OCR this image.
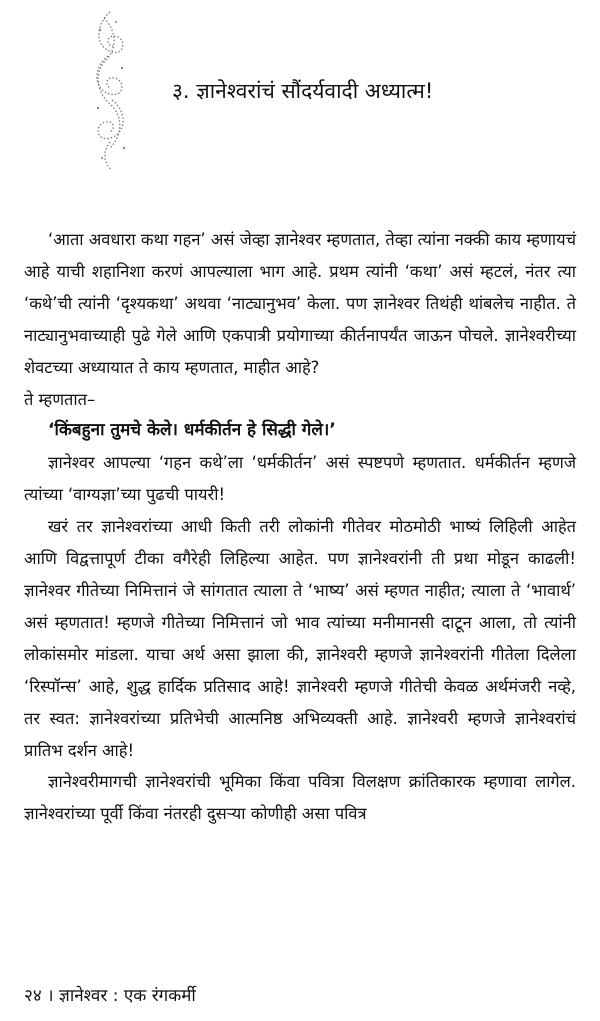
३. ज्ञानेश्वरांचं सौंदर्यवादी अध्यात्म!

‘आता अवधारा कथा गहन’ असं जेव्हा ज्ञानेश्वर म्हणतात, तेव्हा त्यांना नक्की काय म्हणायचं आहे याची शहानिशा करणं आपल्याला भाग आहे. प्रथम त्यांनी ‘कथा’ असं म्हटलं, नंतर त्या ‘कथे’ची त्यांनी ‘दृश्यकथा’ अथवा ‘नाट्यानुभव’ केला. पण ज्ञानेश्वर तिथंही थांबलेच नाहीत. ते नाट्यानुभवाच्याही पुढे गेले आणि एकपात्री प्रयोगाच्या कीर्तनापर्यंत जाऊन पोचले. ज्ञानेश्वरीच्या शेवटच्या अध्यायात ते काय म्हणतात, माहीत आहे?

ते म्हणतात–

‘किंबहुना तुमचे केले। धर्मकीर्तन हे सिद्धी गेले।’

ज्ञानेश्वर आपल्या ‘गहन कथे’ला ‘धर्मकीर्तन’ असं स्पष्टपणे म्हणतात. धर्मकीर्तन म्हणजे त्यांच्या ‘वाग्यज्ञा’च्या पुढची पायरी!

खरं तर ज्ञानेश्वरांच्या आधी किती तरी लोकांनी गीतेवर मोठमोठी भाष्यं लिहिली आहेत आणि विद्वत्तापूर्ण टीका वगैरेही लिहिल्या आहेत. पण ज्ञानेश्वरांनी ती प्रथा मोडून काढली! ज्ञानेश्वर गीतेच्या निमित्तानं जे सांगतात त्याला ते ‘भाष्य’ असं म्हणत नाहीत; त्याला ते ‘भावार्थ’ असं म्हणतात! म्हणजे गीतेच्या निमित्तानं जो भाव त्यांच्या मनीमानसी दाटून आला, तो त्यांनी लोकांसमोर मांडला. याचा अर्थ असा झाला की, ज्ञानेश्वरी म्हणजे ज्ञानेश्वरांनी गीतेला दिलेला ‘रिस्पॉन्स’ आहे, शुद्ध हार्दिक प्रतिसाद आहे! ज्ञानेश्वरी म्हणजे गीतेची केवळ अर्थमंजरी नव्हे, तर स्वत: ज्ञानेश्वरांच्या प्रतिभेची आत्मनिष्ठ अभिव्यक्ती आहे. ज्ञानेश्वरी म्हणजे ज्ञानेश्वरांचं प्रातिभ दर्शन आहे!

ज्ञानेश्वरीमागची ज्ञानेश्वरांची भूमिका किंवा पवित्रा विलक्षण क्रांतिकारक म्हणावा लागेल. ज्ञानेश्वरांच्या पूर्वी किंवा नंतरही दुसऱ्या कोणीही असा पवित्र

२४ । ज्ञानेश्वर : एक रंगकर्मी
